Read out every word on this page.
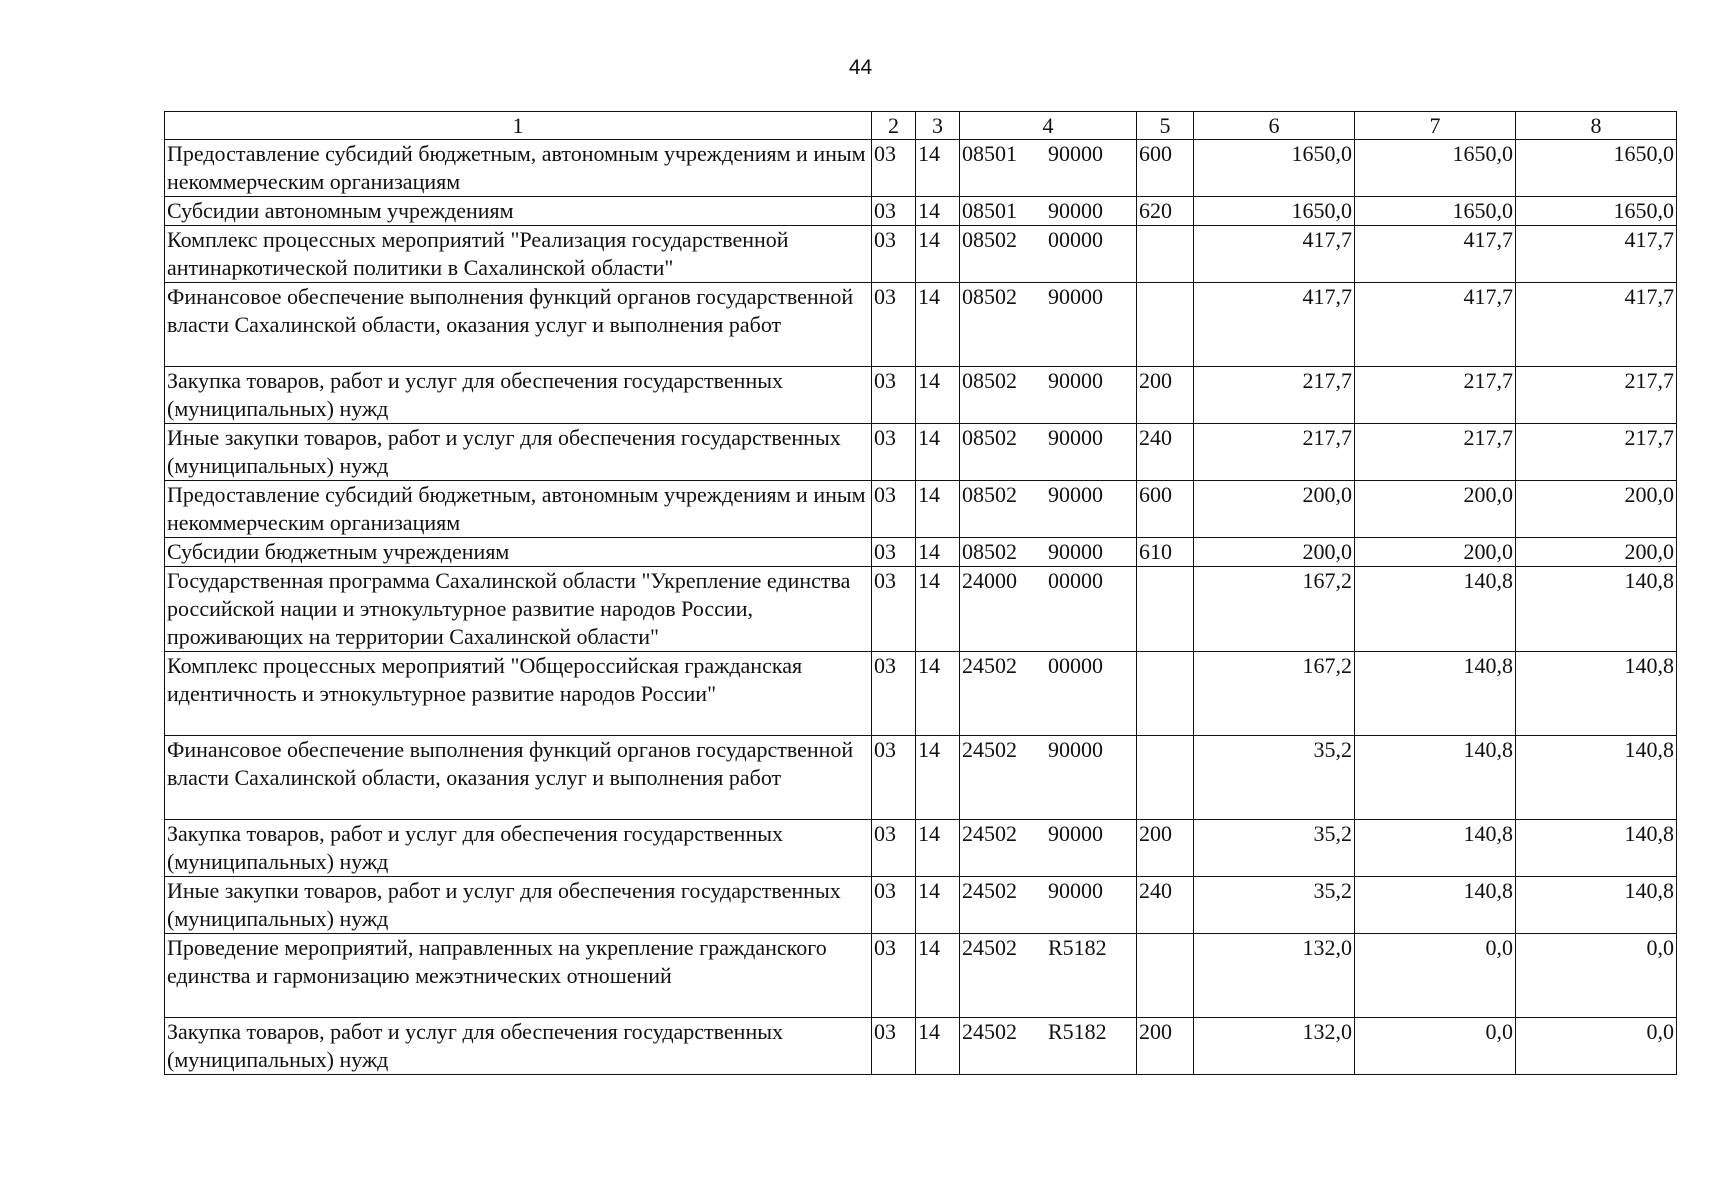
44
1	2	3	4	5	6	7	8
Предоставление субсидий бюджетным, автономным учреждениям и иным некоммерческим организациям	03	14	08501 90000	600	1650,0	1650,0	1650,0
Субсидии автономным учреждениям	03	14	08501 90000	620	1650,0	1650,0	1650,0
Комплекс процессных мероприятий "Реализация государственной антинаркотической политики в Сахалинской области"	03	14	08502 00000		417,7	417,7	417,7
Финансовое обеспечение выполнения функций органов государственной власти Сахалинской области, оказания услуг и выполнения работ	03	14	08502 90000		417,7	417,7	417,7
Закупка товаров, работ и услуг для обеспечения государственных (муниципальных) нужд	03	14	08502 90000	200	217,7	217,7	217,7
Иные закупки товаров, работ и услуг для обеспечения государственных (муниципальных) нужд	03	14	08502 90000	240	217,7	217,7	217,7
Предоставление субсидий бюджетным, автономным учреждениям и иным некоммерческим организациям	03	14	08502 90000	600	200,0	200,0	200,0
Субсидии бюджетным учреждениям	03	14	08502 90000	610	200,0	200,0	200,0
Государственная программа Сахалинской области "Укрепление единства российской нации и этнокультурное развитие народов России, проживающих на территории Сахалинской области"	03	14	24000 00000		167,2	140,8	140,8
Комплекс процессных мероприятий "Общероссийская гражданская идентичность и этнокультурное развитие народов России"	03	14	24502 00000		167,2	140,8	140,8
Финансовое обеспечение выполнения функций органов государственной власти Сахалинской области, оказания услуг и выполнения работ	03	14	24502 90000		35,2	140,8	140,8
Закупка товаров, работ и услуг для обеспечения государственных (муниципальных) нужд	03	14	24502 90000	200	35,2	140,8	140,8
Иные закупки товаров, работ и услуг для обеспечения государственных (муниципальных) нужд	03	14	24502 90000	240	35,2	140,8	140,8
Проведение мероприятий, направленных на укрепление гражданского единства и гармонизацию межэтнических отношений	03	14	24502 R5182		132,0	0,0	0,0
Закупка товаров, работ и услуг для обеспечения государственных (муниципальных) нужд	03	14	24502 R5182	200	132,0	0,0	0,0
